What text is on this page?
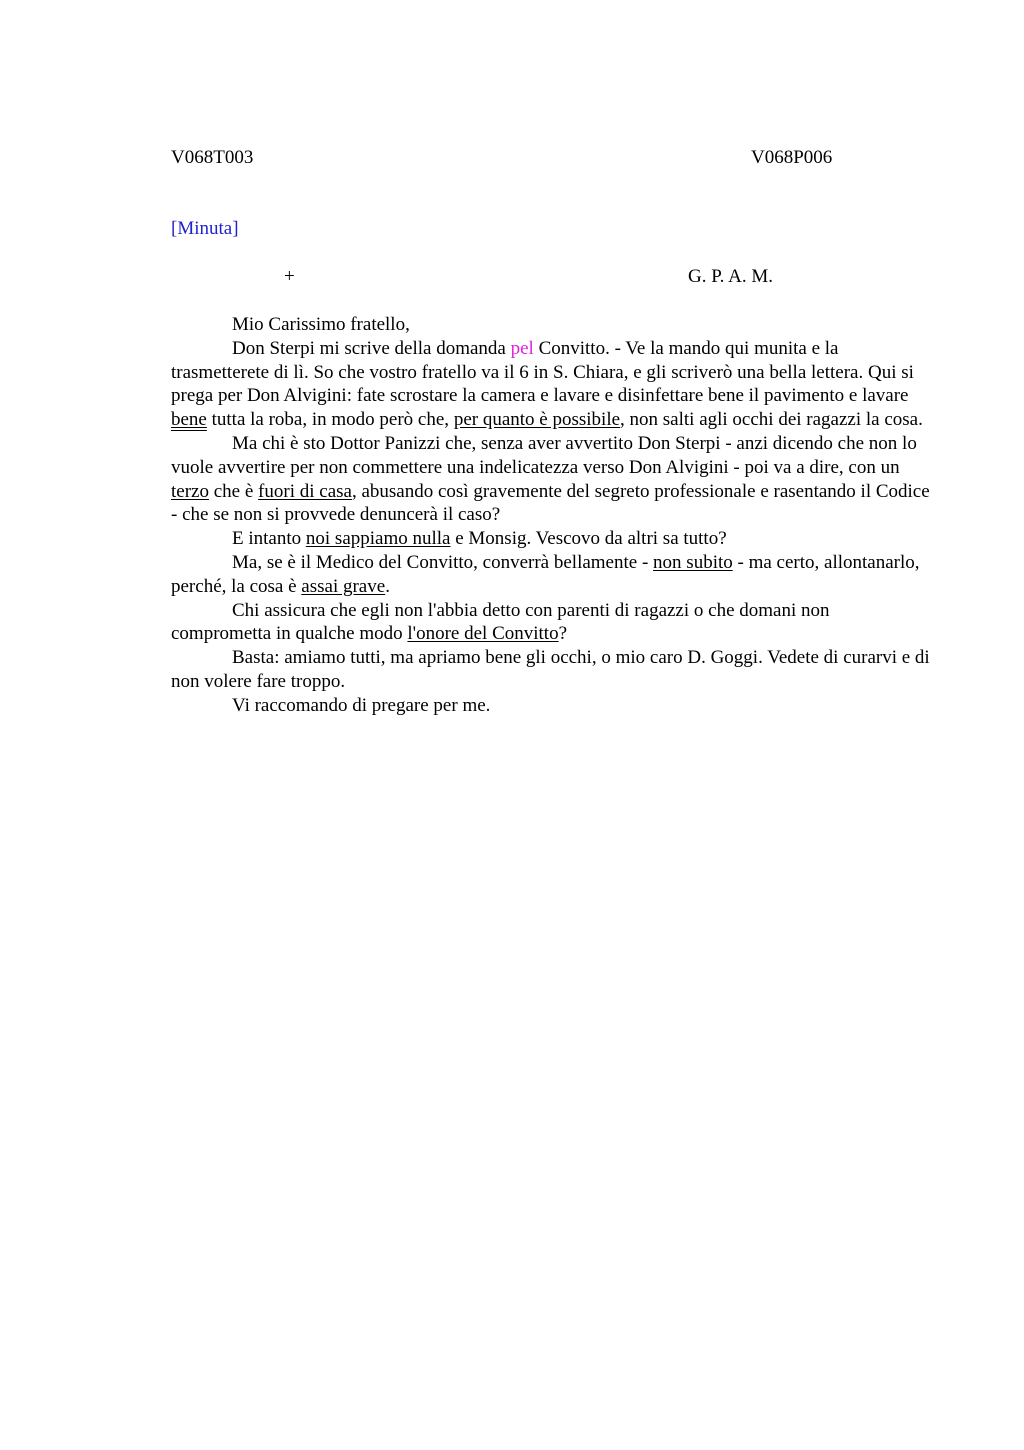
V068T003	V068P006
[Minuta]
+	G. P. A. M.

Mio Carissimo fratello,

Don Sterpi mi scrive della domanda pel Convitto. - Ve la mando qui munita e la trasmetterete di lì. So che vostro fratello va il 6 in S. Chiara, e gli scriverò una bella lettera. Qui si prega per Don Alvigini: fate scrostare la camera e lavare e disinfettare bene il pavimento e lavare bene tutta la roba, in modo però che, per quanto è possibile, non salti agli occhi dei ragazzi la cosa.

Ma chi è sto Dottor Panizzi che, senza aver avvertito Don Sterpi - anzi dicendo che non lo vuole avvertire per non commettere una indelicatezza verso Don Alvigini - poi va a dire, con un terzo che è fuori di casa, abusando così gravemente del segreto professionale e rasentando il Codice - che se non si provvede denuncerà il caso?

E intanto noi sappiamo nulla e Monsig. Vescovo da altri sa tutto?

Ma, se è il Medico del Convitto, converrà bellamente - non subito - ma certo, allontanarlo, perché, la cosa è assai grave.

Chi assicura che egli non l'abbia detto con parenti di ragazzi o che domani non comprometta in qualche modo l'onore del Convitto?

Basta: amiamo tutti, ma apriamo bene gli occhi, o mio caro D. Goggi. Vedete di curarvi e di non volere fare troppo.

Vi raccomando di pregare per me.
